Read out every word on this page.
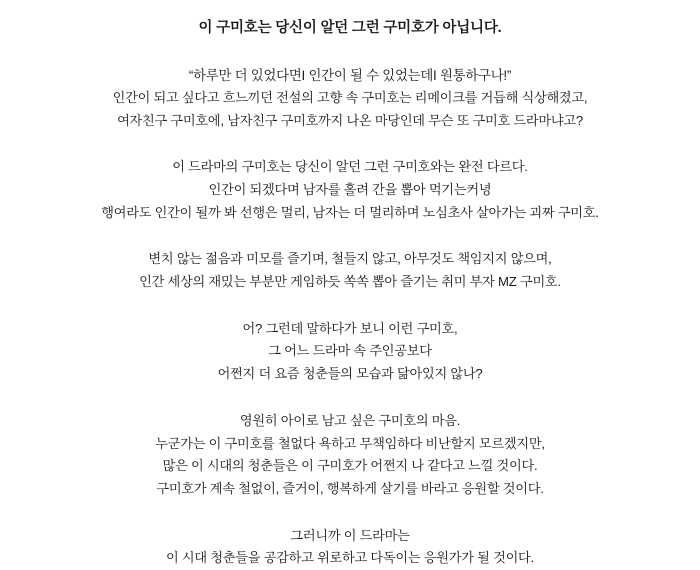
이 구미호는 당신이 알던 그런 구미호가 아닙니다.
“하루만 더 있었다면I 인간이 될 수 있었는데I 원통하구나!”
인간이 되고 싶다고 흐느끼던 전설의 고향 속 구미호는 리메이크를 거듭해 식상해졌고,
여자친구 구미호에, 남자친구 구미호까지 나온 마당인데 무슨 또 구미호 드라마냐고?
이 드라마의 구미호는 당신이 알던 그런 구미호와는 완전 다르다.
인간이 되겠다며 남자를 홀려 간을 뽑아 먹기는커녕
행여라도 인간이 될까 봐 선행은 멀리, 남자는 더 멀리하며 노심초사 살아가는 괴짜 구미호.
변치 않는 젊음과 미모를 즐기며, 철들지 않고, 아무것도 책임지지 않으며,
인간 세상의 재밌는 부분만 게임하듯 쏙쏙 뽑아 즐기는 취미 부자 MZ 구미호.
어? 그런데 말하다가 보니 이런 구미호,
그 어느 드라마 속 주인공보다
어쩐지 더 요즘 청춘들의 모습과 닮아있지 않나?
영원히 아이로 남고 싶은 구미호의 마음.
누군가는 이 구미호를 철없다 욕하고 무책임하다 비난할지 모르겠지만,
많은 이 시대의 청춘들은 이 구미호가 어쩐지 나 같다고 느낄 것이다.
구미호가 계속 철없이, 즐거이, 행복하게 살기를 바라고 응원할 것이다.
그러니까 이 드라마는
이 시대 청춘들을 공감하고 위로하고 다독이는 응원가가 될 것이다.
